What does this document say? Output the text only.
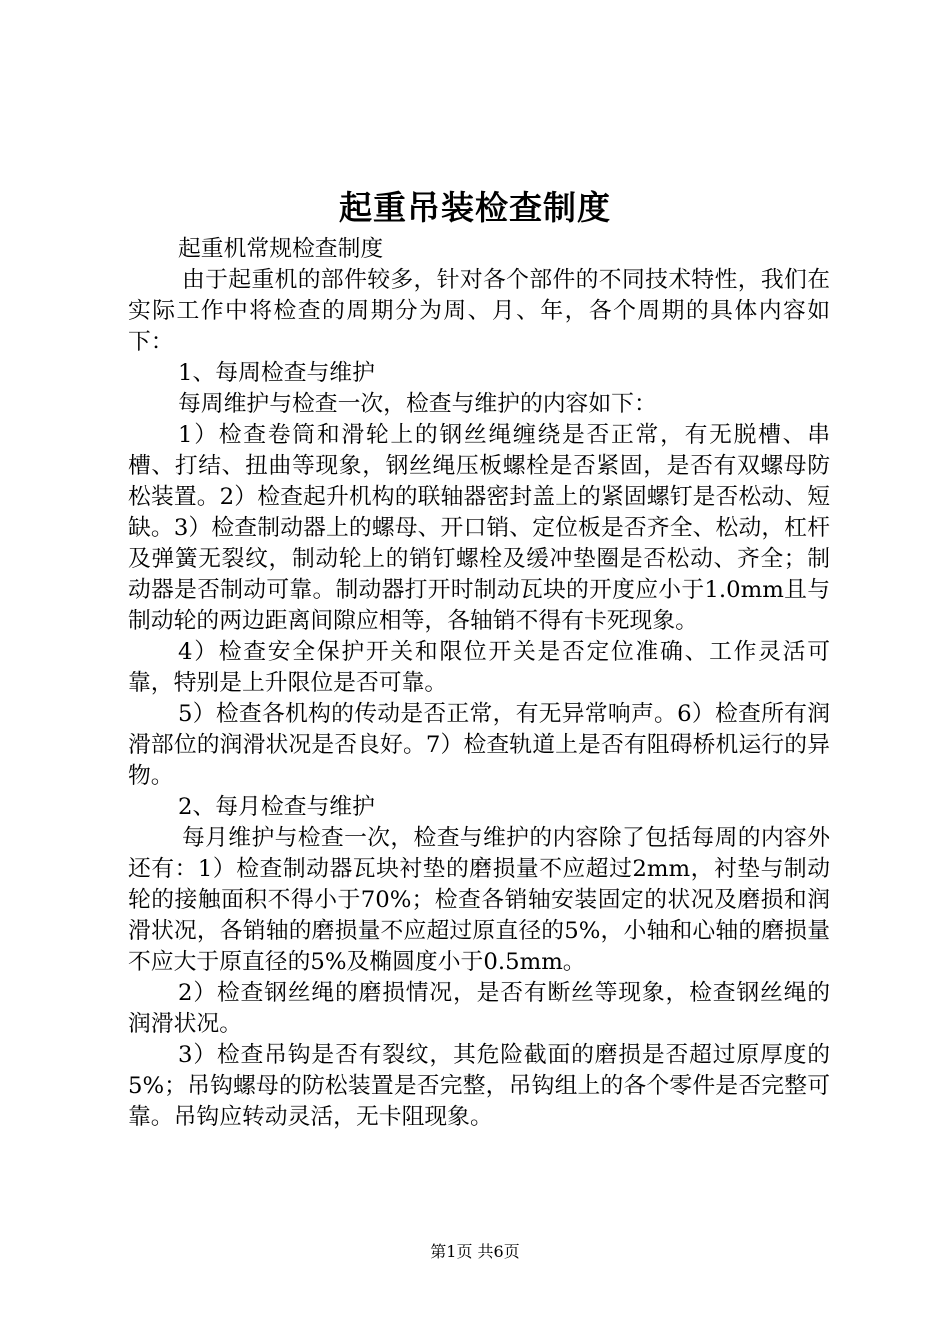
起重吊装检查制度

起重机常规检查制度

由于起重机的部件较多，针对各个部件的不同技术特性，我们在实际工作中将检查的周期分为周、月、年，各个周期的具体内容如下：

1、每周检查与维护

每周维护与检查一次，检查与维护的内容如下：

1）检查卷筒和滑轮上的钢丝绳缠绕是否正常，有无脱槽、串槽、打结、扭曲等现象，钢丝绳压板螺栓是否紧固，是否有双螺母防松装置。2）检查起升机构的联轴器密封盖上的紧固螺钉是否松动、短缺。3）检查制动器上的螺母、开口销、定位板是否齐全、松动，杠杆及弹簧无裂纹，制动轮上的销钉螺栓及缓冲垫圈是否松动、齐全；制动器是否制动可靠。制动器打开时制动瓦块的开度应小于1.0mm且与制动轮的两边距离间隙应相等，各轴销不得有卡死现象。

4）检查安全保护开关和限位开关是否定位准确、工作灵活可靠，特别是上升限位是否可靠。

5）检查各机构的传动是否正常，有无异常响声。6）检查所有润滑部位的润滑状况是否良好。7）检查轨道上是否有阻碍桥机运行的异物。

2、每月检查与维护

每月维护与检查一次，检查与维护的内容除了包括每周的内容外还有：1）检查制动器瓦块衬垫的磨损量不应超过2mm，衬垫与制动轮的接触面积不得小于70%；检查各销轴安装固定的状况及磨损和润滑状况，各销轴的磨损量不应超过原直径的5%，小轴和心轴的磨损量不应大于原直径的5%及椭圆度小于0.5mm。

2）检查钢丝绳的磨损情况，是否有断丝等现象，检查钢丝绳的润滑状况。

3）检查吊钩是否有裂纹，其危险截面的磨损是否超过原厚度的5%；吊钩螺母的防松装置是否完整，吊钩组上的各个零件是否完整可靠。吊钩应转动灵活，无卡阻现象。

第1页 共6页
